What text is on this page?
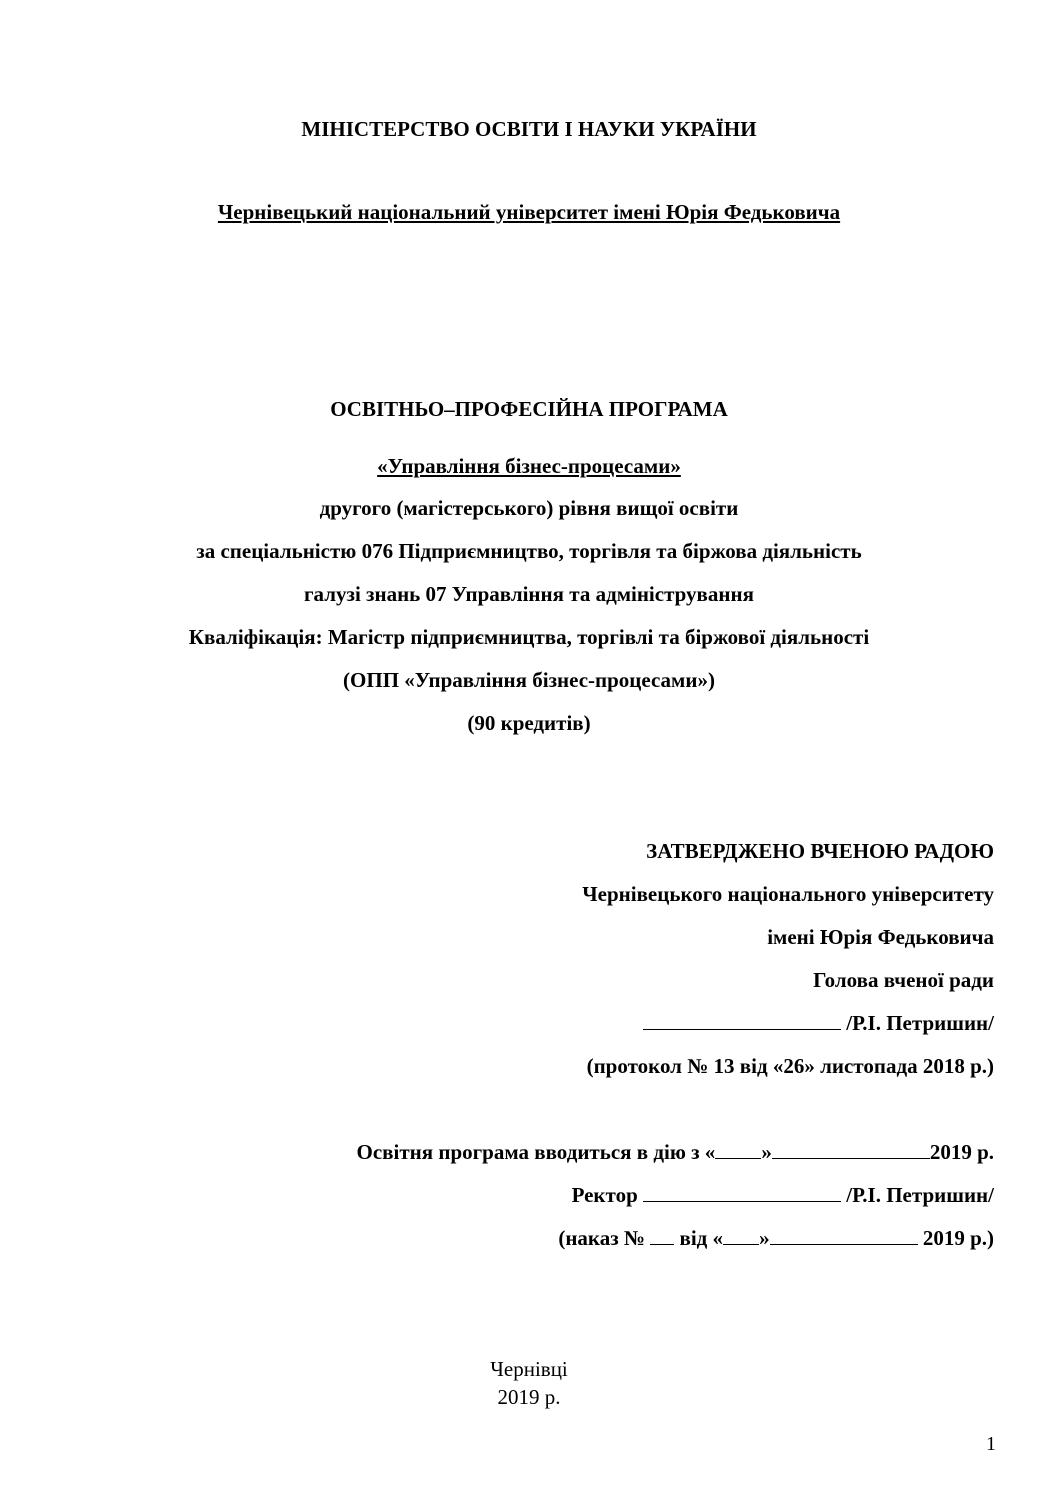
МІНІСТЕРСТВО ОСВІТИ І НАУКИ УКРАЇНИ
Чернівецький національний університет імені Юрія Федьковича
ОСВІТНЬО–ПРОФЕСІЙНА ПРОГРАМА
«Управління бізнес-процесами»
другого (магістерського) рівня вищої освіти
за спеціальністю 076 Підприємництво, торгівля та біржова діяльність
галузі знань 07 Управління та адміністрування
Кваліфікація: Магістр підприємництва, торгівлі та біржової діяльності
(ОПП «Управління бізнес-процесами»)
(90 кредитів)
ЗАТВЕРДЖЕНО ВЧЕНОЮ РАДОЮ
Чернівецького національного університету
імені Юрія Федьковича
Голова вченої ради
/Р.І. Петришин/
(протокол № 13 від «26» листопада 2018 р.)
Освітня програма вводиться в дію з « »	2019 р.
Ректор	/Р.І. Петришин/
(наказ № від « »	2019 р.)
Чернівці
2019 р.
1
